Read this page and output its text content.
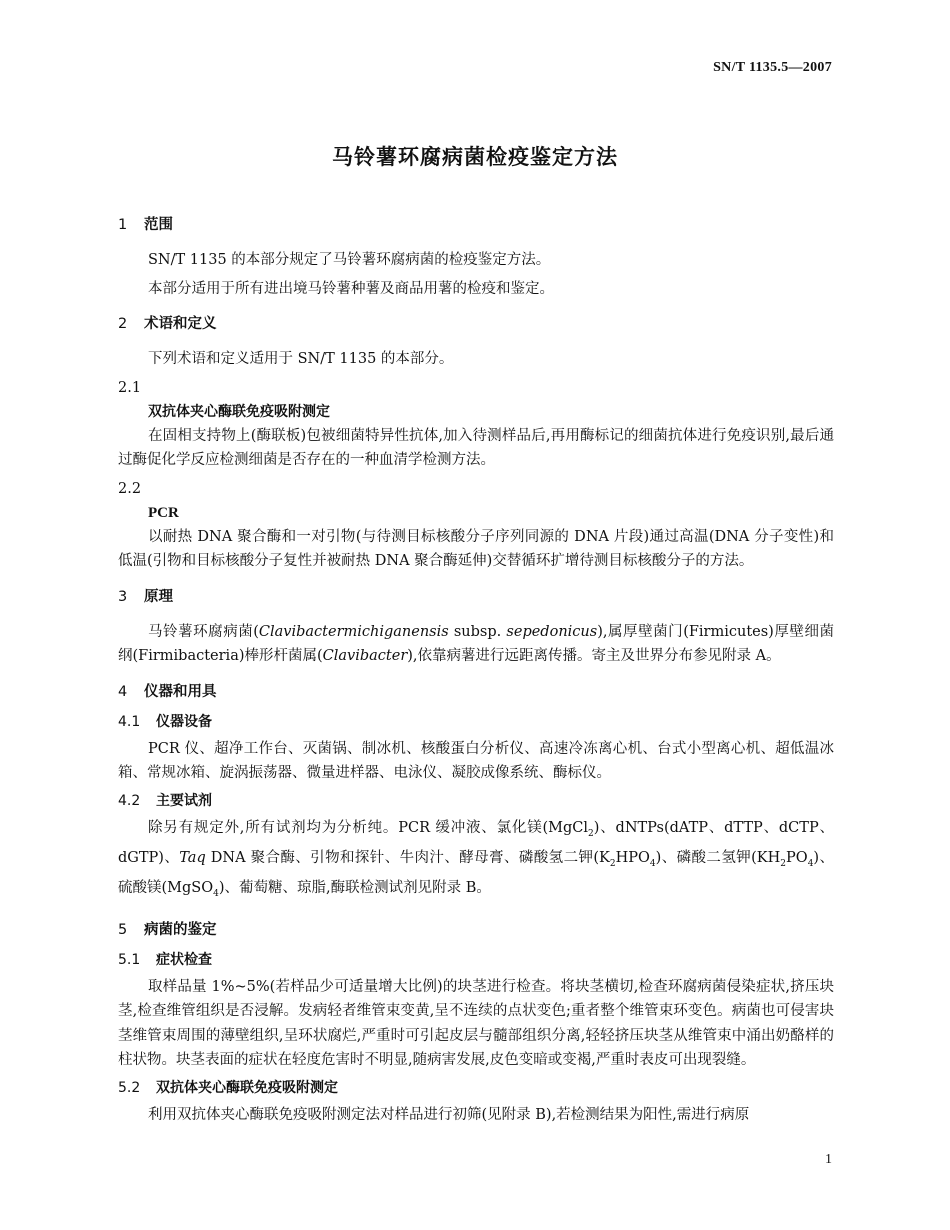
SN/T 1135.5—2007
马铃薯环腐病菌检疫鉴定方法
1 范围
SN/T 1135 的本部分规定了马铃薯环腐病菌的检疫鉴定方法。
本部分适用于所有进出境马铃薯种薯及商品用薯的检疫和鉴定。
2 术语和定义
下列术语和定义适用于 SN/T 1135 的本部分。
2.1
双抗体夹心酶联免疫吸附测定
在固相支持物上(酶联板)包被细菌特异性抗体,加入待测样品后,再用酶标记的细菌抗体进行免疫识别,最后通过酶促化学反应检测细菌是否存在的一种血清学检测方法。
2.2
PCR
以耐热 DNA 聚合酶和一对引物(与待测目标核酸分子序列同源的 DNA 片段)通过高温(DNA 分子变性)和低温(引物和目标核酸分子复性并被耐热 DNA 聚合酶延伸)交替循环扩增待测目标核酸分子的方法。
3 原理
马铃薯环腐病菌(Clavibactermichiganensis subsp. sepedonicus),属厚壁菌门(Firmicutes)厚壁细菌纲(Firmibacteria)棒形杆菌属(Clavibacter),依靠病薯进行远距离传播。寄主及世界分布参见附录 A。
4 仪器和用具
4.1 仪器设备
PCR 仪、超净工作台、灭菌锅、制冰机、核酸蛋白分析仪、高速冷冻离心机、台式小型离心机、超低温冰箱、常规冰箱、旋涡振荡器、微量进样器、电泳仪、凝胶成像系统、酶标仪。
4.2 主要试剂
除另有规定外,所有试剂均为分析纯。PCR 缓冲液、氯化镁(MgCl$_2$)、dNTPs(dATP、dTTP、dCTP、dGTP)、Taq DNA 聚合酶、引物和探针、牛肉汁、酵母膏、磷酸氢二钾$(K_2HPO_4)$、磷酸二氢钾$(KH_2PO_4)$、硫酸镁(MgSO$_4$)、葡萄糖、琼脂,酶联检测试剂见附录 B。
5 病菌的鉴定
5.1 症状检查
取样品量 1%~5%(若样品少可适量增大比例)的块茎进行检查。将块茎横切,检查环腐病菌侵染症状,挤压块茎,检查维管组织是否浸解。发病轻者维管束变黄,呈不连续的点状变色;重者整个维管束环变色。病菌也可侵害块茎维管束周围的薄壁组织,呈环状腐烂,严重时可引起皮层与髓部组织分离,轻轻挤压块茎从维管束中涌出奶酪样的柱状物。块茎表面的症状在轻度危害时不明显,随病害发展,皮色变暗或变褐,严重时表皮可出现裂缝。
5.2 双抗体夹心酶联免疫吸附测定
利用双抗体夹心酶联免疫吸附测定法对样品进行初筛(见附录 B),若检测结果为阳性,需进行病原
1
